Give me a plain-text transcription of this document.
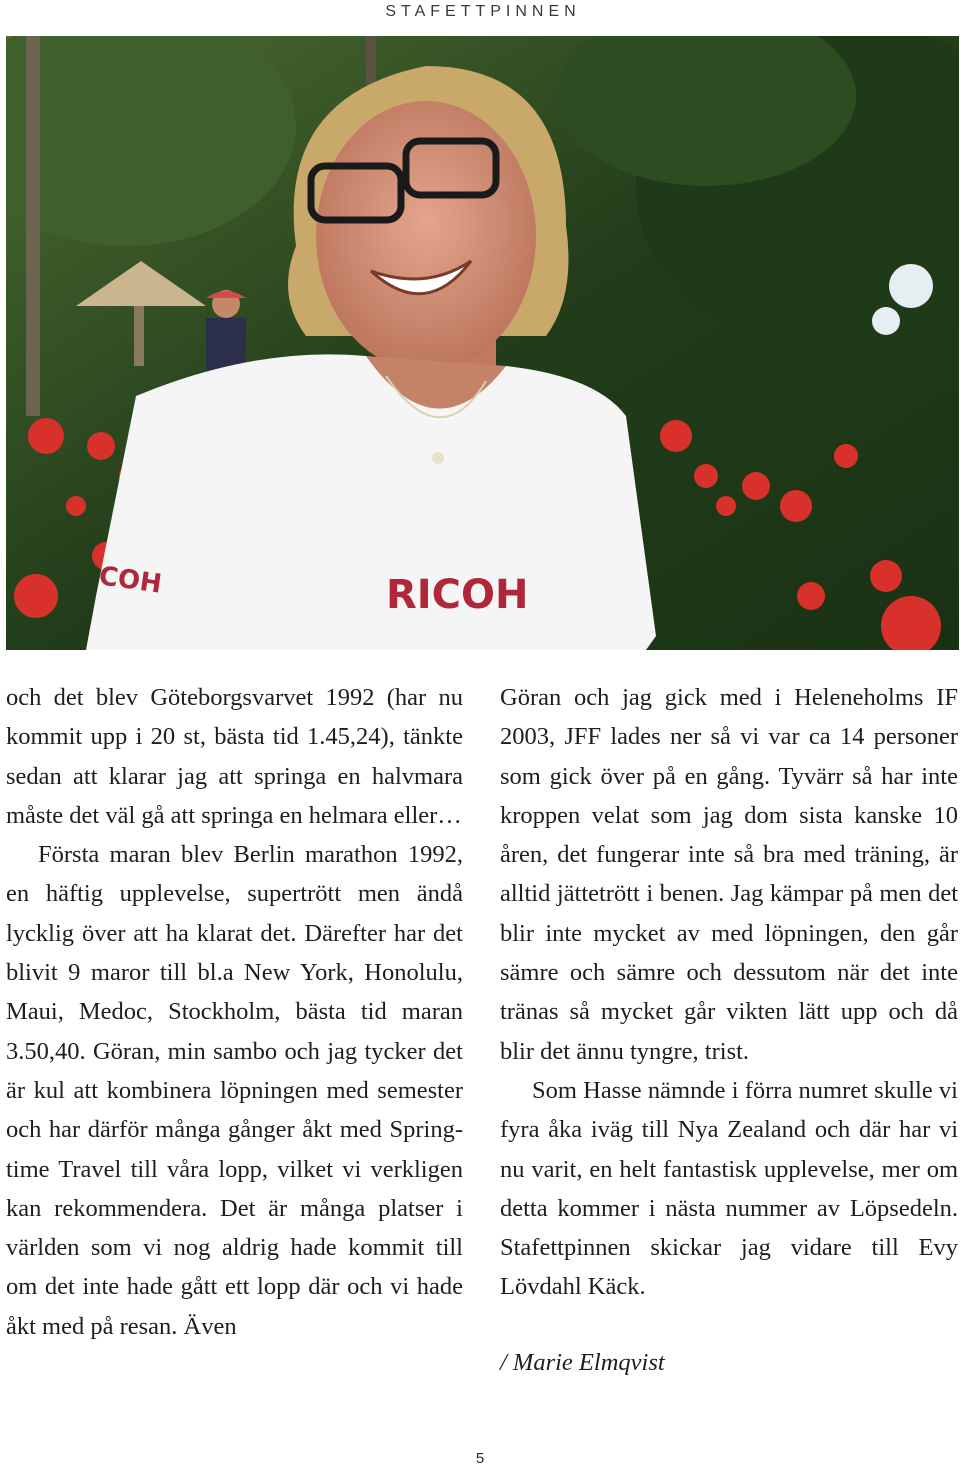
STAFETTPINNEN
RICOH
COH

och det blev Göteborgsvarvet 1992 (har nu kommit upp i 20 st, bästa tid 1.45,24), tänkte sedan att klarar jag att springa en halvmara måste det väl gå att springa en helmara eller…

Första maran blev Berlin marathon 1992, en häftig upplevelse, supertrött men ändå lycklig över att ha klarat det. Därefter har det blivit 9 maror till bl.a New York, Honolulu, Maui, Medoc, Stockholm, bästa tid maran 3.50,40. Göran, min sambo och jag tycker det är kul att kombinera löpningen med semester och har därför många gånger åkt med Springtime Travel till våra lopp, vilket vi verkligen kan rekommendera. Det är många platser i världen som vi nog aldrig hade kommit till om det inte hade gått ett lopp där och vi hade åkt med på resan. Även

Göran och jag gick med i Heleneholms IF 2003, JFF lades ner så vi var ca 14 personer som gick över på en gång. Tyvärr så har inte kroppen velat som jag dom sista kanske 10 åren, det fungerar inte så bra med träning, är alltid jättetrött i benen. Jag kämpar på men det blir inte mycket av med löpningen, den går sämre och sämre och dessutom när det inte tränas så mycket går vikten lätt upp och då blir det ännu tyngre, trist.

Som Hasse nämnde i förra numret skulle vi fyra åka iväg till Nya Zealand och där har vi nu varit, en helt fantastisk upplevelse, mer om detta kommer i nästa nummer av Löpsedeln. Stafettpinnen skickar jag vidare till Evy Lövdahl Käck.

/ Marie Elmqvist

5
